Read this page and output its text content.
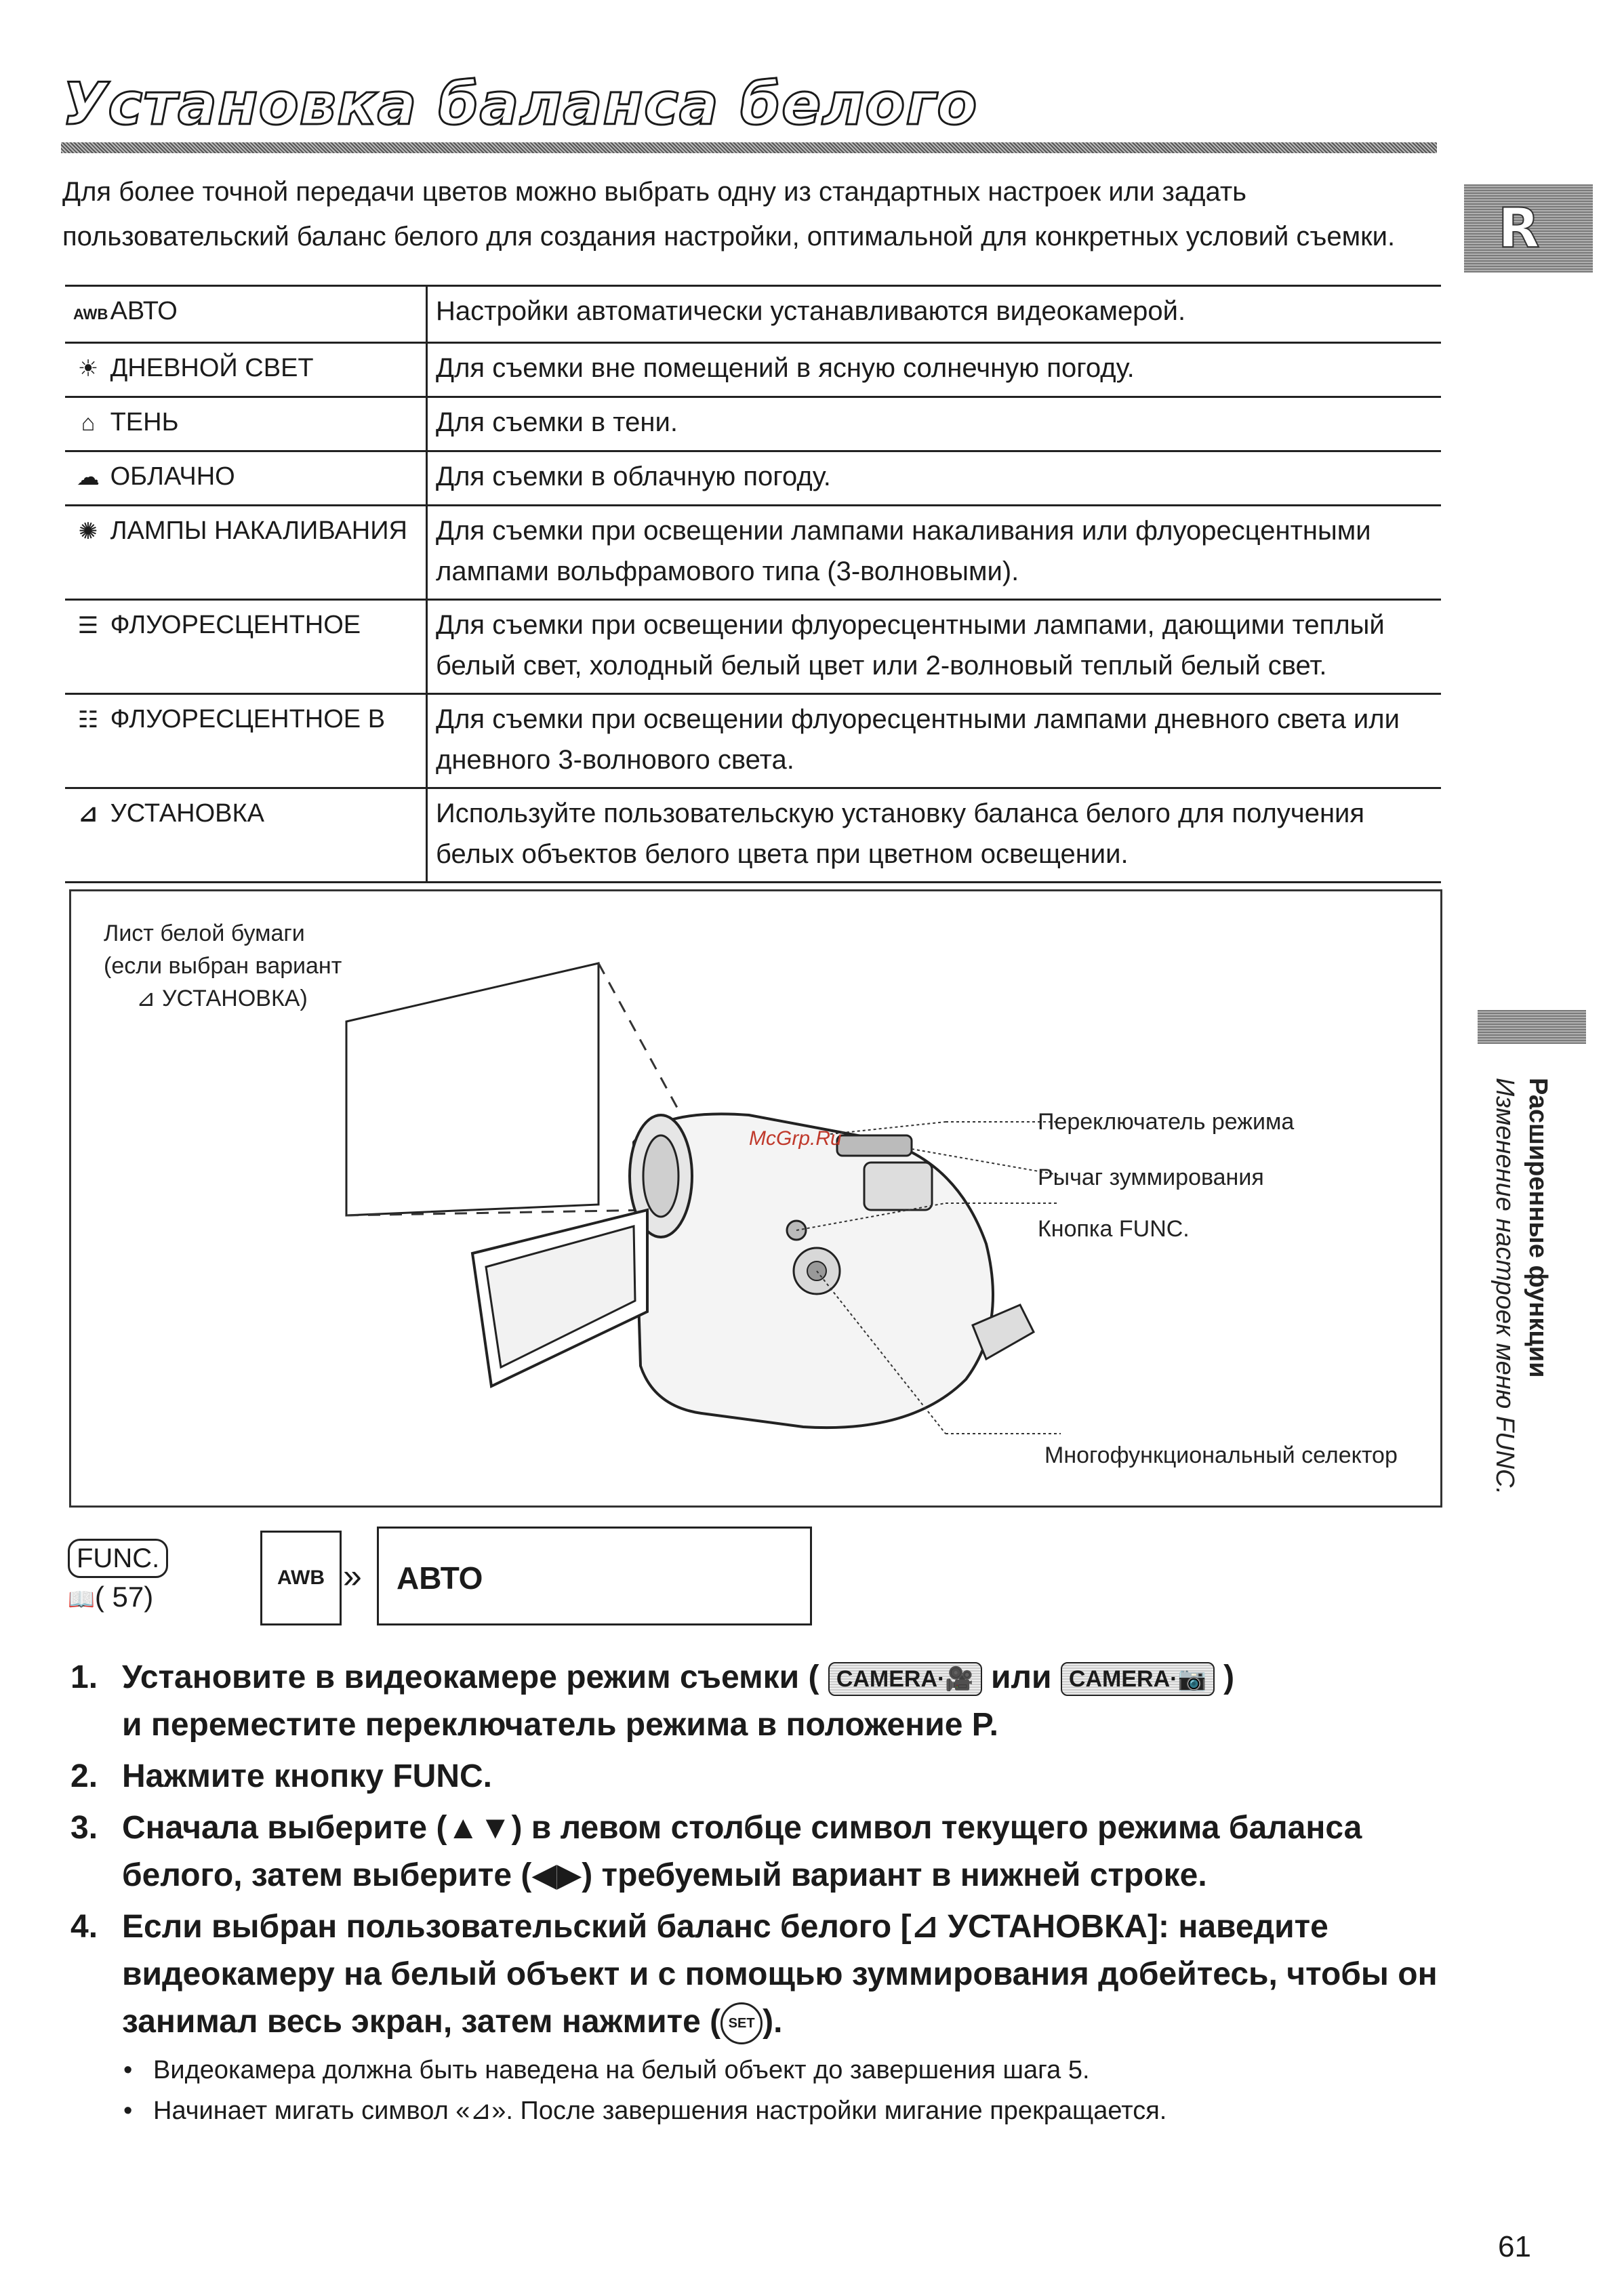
Установка баланса белого
Для более точной передачи цветов можно выбрать одну из стандартных настроек или задать пользовательский баланс белого для создания настройки, оптимальной для конкретных условий съемки.	R
Расширенные функции
Изменение настроек меню FUNC.
AWB АВТО	Настройки автоматически устанавливаются видеокамерой.
☀ ДНЕВНОЙ СВЕТ	Для съемки вне помещений в ясную солнечную погоду.
⌂ ТЕНЬ	Для съемки в тени.
☁ ОБЛАЧНО	Для съемки в облачную погоду.
✺ ЛАМПЫ НАКАЛИВАНИЯ	Для съемки при освещении лампами накаливания или флуоресцентными лампами вольфрамового типа (3-волновыми).
☰ ФЛУОРЕСЦЕНТНОЕ	Для съемки при освещении флуоресцентными лампами, дающими теплый белый свет, холодный белый цвет или 2-волновый теплый белый свет.
☷ ФЛУОРЕСЦЕНТНОЕ В	Для съемки при освещении флуоресцентными лампами дневного света или дневного 3-волнового света.
⊿ УСТАНОВКА	Используйте пользовательскую установку баланса белого для получения белых объектов белого цвета при цветном освещении.
Лист белой бумаги
(если выбран вариант
⊿ УСТАНОВКА)
McGrp.Ru
Переключатель режима
Рычаг зуммирования
Кнопка FUNC.
Многофункциональный селектор
FUNC.
📖( 57)
AWB »	АВТО
1. Установите в видеокамере режим съемки ( CAMERA·🎥 или CAMERA·📷 )
и переместите переключатель режима в положение P.
2. Нажмите кнопку FUNC.
3. Сначала выберите (▲▼) в левом столбце символ текущего режима баланса белого, затем выберите (◀▶) требуемый вариант в нижней строке.
4. Если выбран пользовательский баланс белого [⊿ УСТАНОВКА]: наведите видеокамеру на белый объект и с помощью зуммирования добейтесь, чтобы он занимал весь экран, затем нажмите ( SET ).
• Видеокамера должна быть наведена на белый объект до завершения шага 5.
• Начинает мигать символ «⊿». После завершения настройки мигание прекращается.
61
